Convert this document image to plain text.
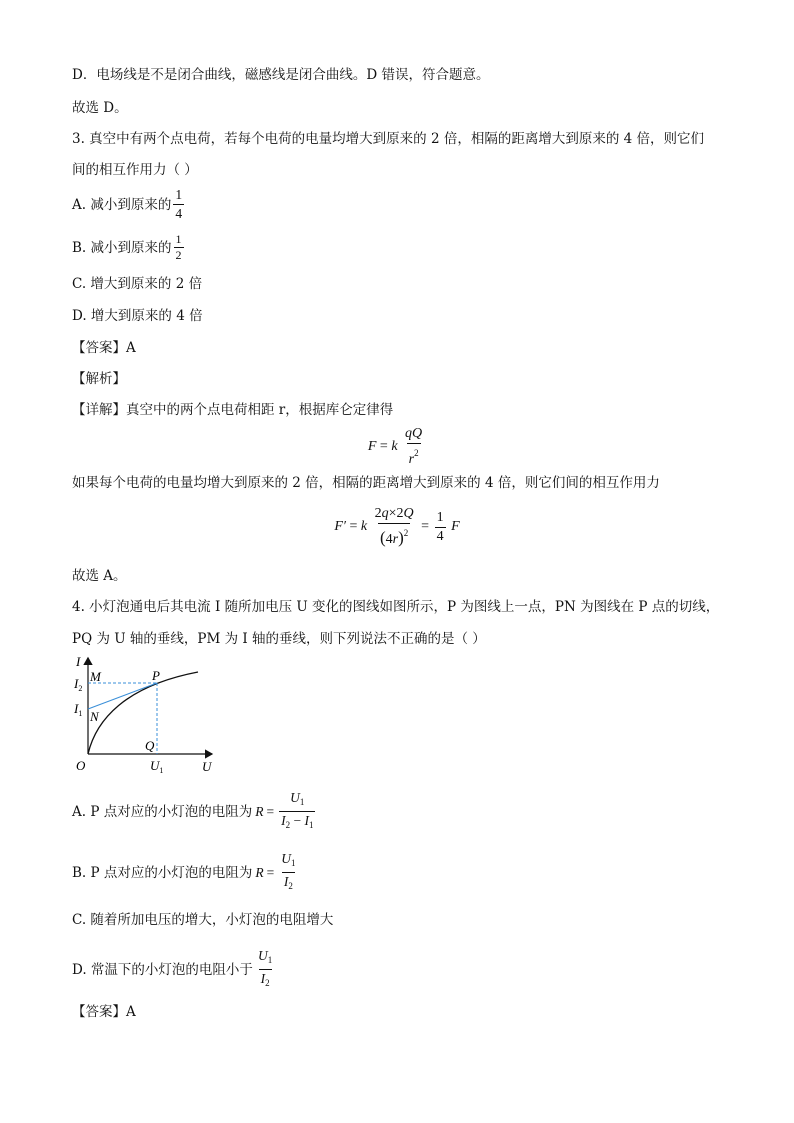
D．电场线是不是闭合曲线，磁感线是闭合曲线。D 错误，符合题意。
故选 D。
3. 真空中有两个点电荷，若每个电荷的电量均增大到原来的 2 倍，相隔的距离增大到原来的 4 倍，则它们
间的相互作用力（ ）
A. 减小到原来的 $\frac{1}{4}$
B. 减小到原来的 $\frac{1}{2}$
C. 增大到原来的 2 倍
D. 增大到原来的 4 倍
【答案】A
【解析】
【详解】真空中的两个点电荷相距 r，根据库仑定律得
F = k $\frac{qQ}{r^2}$
如果每个电荷的电量均增大到原来的 2 倍，相隔的距离增大到原来的 4 倍，则它们间的相互作用力
F′ = k $\frac{2q\times 2Q}{(4r)^2} = \frac{1}{4}$ F
故选 A。
4. 小灯泡通电后其电流 I 随所加电压 U 变化的图线如图所示，P 为图线上一点，PN 为图线在 P 点的切线，
PQ 为 U 轴的垂线，PM 为 I 轴的垂线，则下列说法不正确的是（ ）
I
$I_2$
$I_1$
M	P
N
Q
O	$U_1$	U
A. P 点对应的小灯泡的电阻为 $R = \frac{U_1}{I_2 - I_1}$
B. P 点对应的小灯泡的电阻为 $R = \frac{U_1}{I_2}$
C. 随着所加电压的增大，小灯泡的电阻增大
D. 常温下的小灯泡的电阻小于 $\frac{U_1}{I_2}$
【答案】A
